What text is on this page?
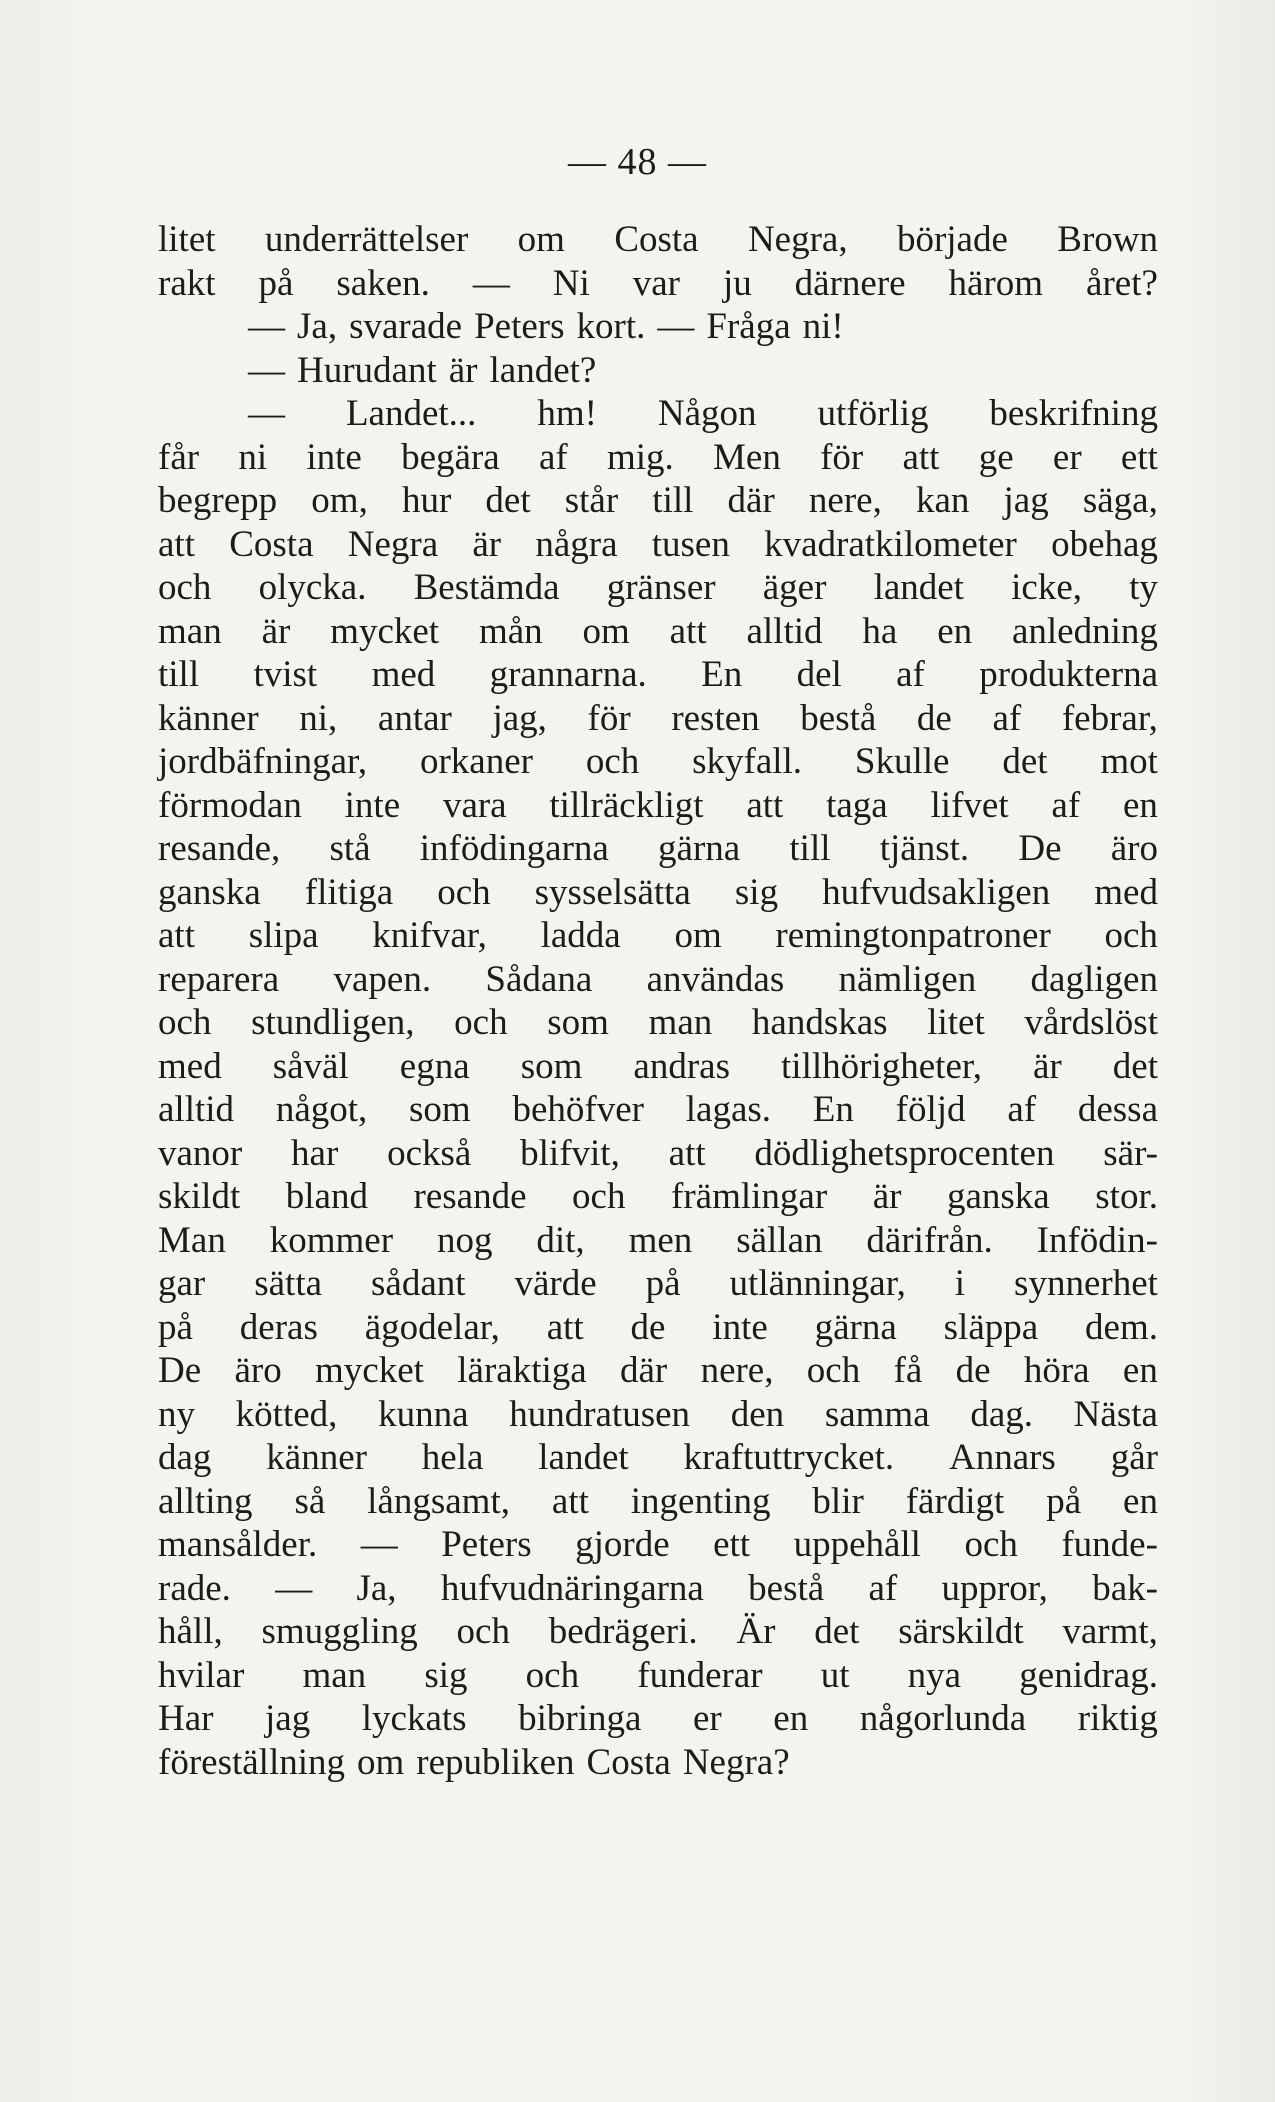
— 48 —
litet underrättelser om Costa Negra, började Brown
rakt på saken. — Ni var ju därnere härom året?
— Ja, svarade Peters kort. — Fråga ni!
— Hurudant är landet?
— Landet... hm! Någon utförlig beskrifning
får ni inte begära af mig. Men för att ge er ett
begrepp om, hur det står till där nere, kan jag säga,
att Costa Negra är några tusen kvadratkilometer obehag
och olycka. Bestämda gränser äger landet icke, ty
man är mycket mån om att alltid ha en anledning
till tvist med grannarna. En del af produkterna
känner ni, antar jag, för resten bestå de af febrar,
jordbäfningar, orkaner och skyfall. Skulle det mot
förmodan inte vara tillräckligt att taga lifvet af en
resande, stå infödingarna gärna till tjänst. De äro
ganska flitiga och sysselsätta sig hufvudsakligen med
att slipa knifvar, ladda om remingtonpatroner och
reparera vapen. Sådana användas nämligen dagligen
och stundligen, och som man handskas litet vårdslöst
med såväl egna som andras tillhörigheter, är det
alltid något, som behöfver lagas. En följd af dessa
vanor har också blifvit, att dödlighetsprocenten sär-
skildt bland resande och främlingar är ganska stor.
Man kommer nog dit, men sällan därifrån. Infödin-
gar sätta sådant värde på utlänningar, i synnerhet
på deras ägodelar, att de inte gärna släppa dem.
De äro mycket läraktiga där nere, och få de höra en
ny kötted, kunna hundratusen den samma dag. Nästa
dag känner hela landet kraftuttrycket. Annars går
allting så långsamt, att ingenting blir färdigt på en
mansålder. — Peters gjorde ett uppehåll och funde-
rade. — Ja, hufvudnäringarna bestå af uppror, bak-
håll, smuggling och bedrägeri. Är det särskildt varmt,
hvilar man sig och funderar ut nya genidrag.
Har jag lyckats bibringa er en någorlunda riktig
föreställning om republiken Costa Negra?
